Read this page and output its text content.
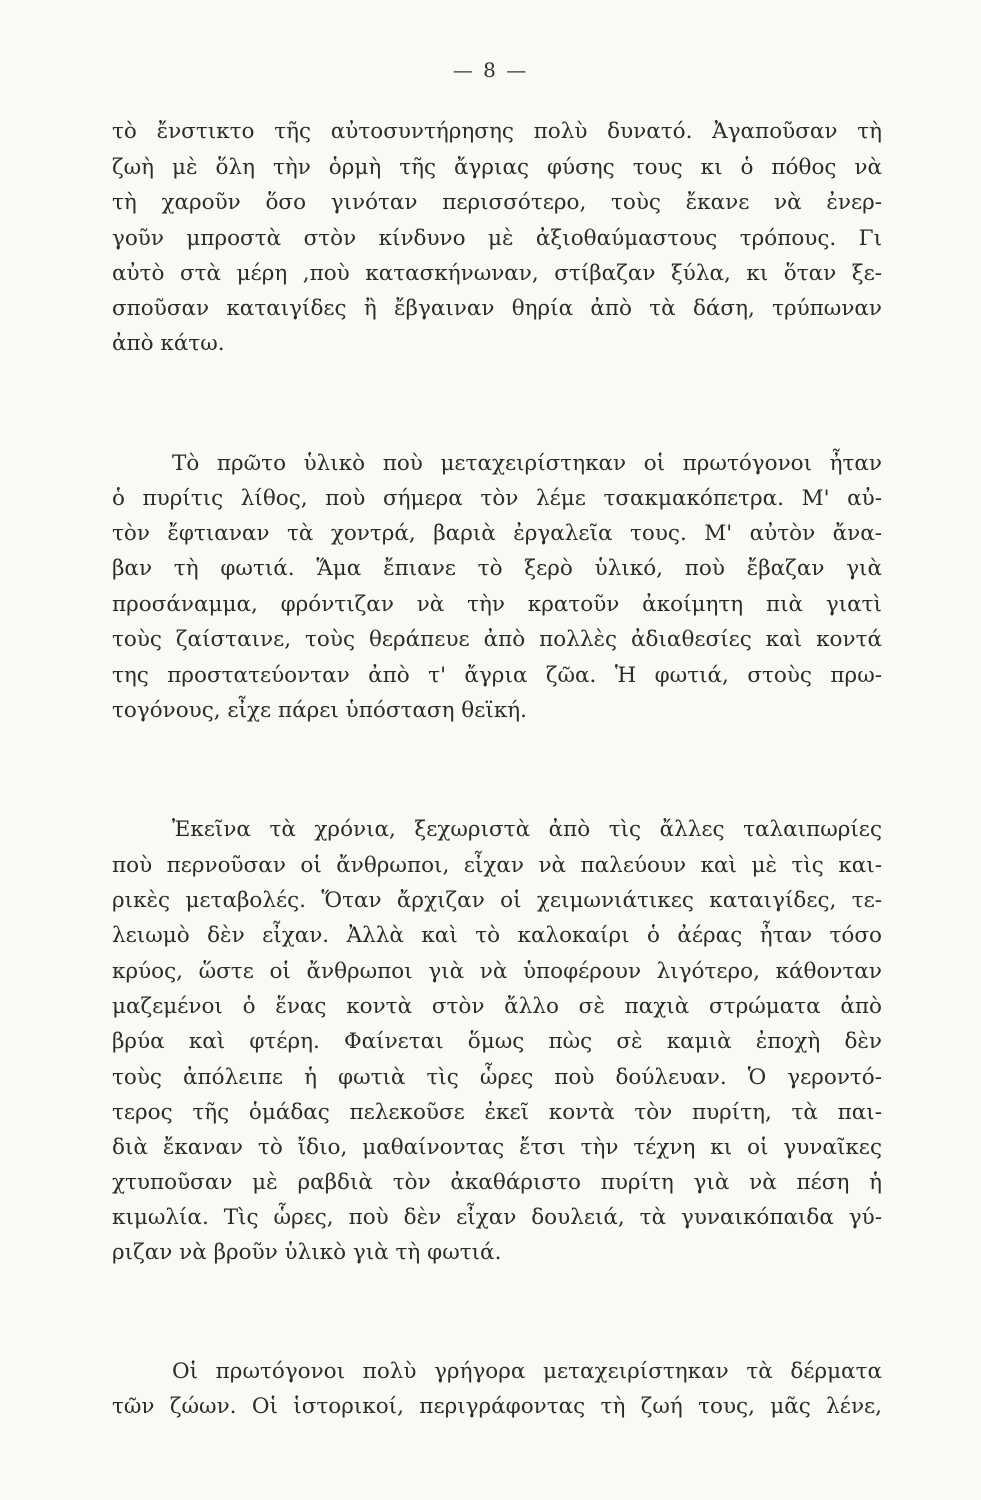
— 8 —
τὸ ἔνστικτο τῆς αὐτοσυντήρησης πολὺ δυνατό. Ἀγαποῦσαν τὴ
ζωὴ μὲ ὅλη τὴν ὁρμὴ τῆς ἄγριας φύσης τους κι ὁ πόθος νὰ
τὴ χαροῦν ὅσο γινόταν περισσότερο, τοὺς ἔκανε νὰ ἐνερ-
γοῦν μπροστὰ στὸν κίνδυνο μὲ ἀξιοθαύμαστους τρόπους. Γι
αὐτὸ στὰ μέρη ,ποὺ κατασκήνωναν, στίβαζαν ξύλα, κι ὅταν ξε-
σποῦσαν καταιγίδες ἢ ἔβγαιναν θηρία ἀπὸ τὰ δάση, τρύπωναν
ἀπὸ κάτω.
Τὸ πρῶτο ὑλικὸ ποὺ μεταχειρίστηκαν οἱ πρωτόγονοι ἦταν
ὁ πυρίτις λίθος, ποὺ σήμερα τὸν λέμε τσακμακόπετρα. Μ' αὐ-
τὸν ἔφτιαναν τὰ χοντρά, βαριὰ ἐργαλεῖα τους. Μ' αὐτὸν ἄνα-
βαν τὴ φωτιά. Ἅμα ἔπιανε τὸ ξερὸ ὑλικό, ποὺ ἔβαζαν γιὰ
προσάναμμα, φρόντιζαν νὰ τὴν κρατοῦν ἀκοίμητη πιὰ γιατὶ
τοὺς ζαίσταινε, τοὺς θεράπευε ἀπὸ πολλὲς ἀδιαθεσίες καὶ κοντά
της προστατεύονταν ἀπὸ τ' ἄγρια ζῶα. Ἡ φωτιά, στοὺς πρω-
τογόνους, εἶχε πάρει ὑπόσταση θεϊκή.
Ἐκεῖνα τὰ χρόνια, ξεχωριστὰ ἀπὸ τὶς ἄλλες ταλαιπωρίες
ποὺ περνοῦσαν οἱ ἄνθρωποι, εἶχαν νὰ παλεύουν καὶ μὲ τὶς και-
ρικὲς μεταβολές. Ὅταν ἄρχιζαν οἱ χειμωνιάτικες καταιγίδες, τε-
λειωμὸ δὲν εἶχαν. Ἀλλὰ καὶ τὸ καλοκαίρι ὁ ἀέρας ἦταν τόσο
κρύος, ὥστε οἱ ἄνθρωποι γιὰ νὰ ὑποφέρουν λιγότερο, κάθονταν
μαζεμένοι ὁ ἕνας κοντὰ στὸν ἄλλο σὲ παχιὰ στρώματα ἀπὸ
βρύα καὶ φτέρη. Φαίνεται ὅμως πὼς σὲ καμιὰ ἐποχὴ δὲν
τοὺς ἀπόλειπε ἡ φωτιὰ τὶς ὧρες ποὺ δούλευαν. Ὁ γεροντό-
τερος τῆς ὁμάδας πελεκοῦσε ἐκεῖ κοντὰ τὸν πυρίτη, τὰ παι-
διὰ ἔκαναν τὸ ἴδιο, μαθαίνοντας ἔτσι τὴν τέχνη κι οἱ γυναῖκες
χτυποῦσαν μὲ ραβδιὰ τὸν ἀκαθάριστο πυρίτη γιὰ νὰ πέση ἡ
κιμωλία. Τὶς ὧρες, ποὺ δὲν εἶχαν δουλειά, τὰ γυναικόπαιδα γύ-
ριζαν νὰ βροῦν ὑλικὸ γιὰ τὴ φωτιά.
Οἱ πρωτόγονοι πολὺ γρήγορα μεταχειρίστηκαν τὰ δέρματα
τῶν ζώων. Οἱ ἱστορικοί, περιγράφοντας τὴ ζωή τους, μᾶς λένε,
